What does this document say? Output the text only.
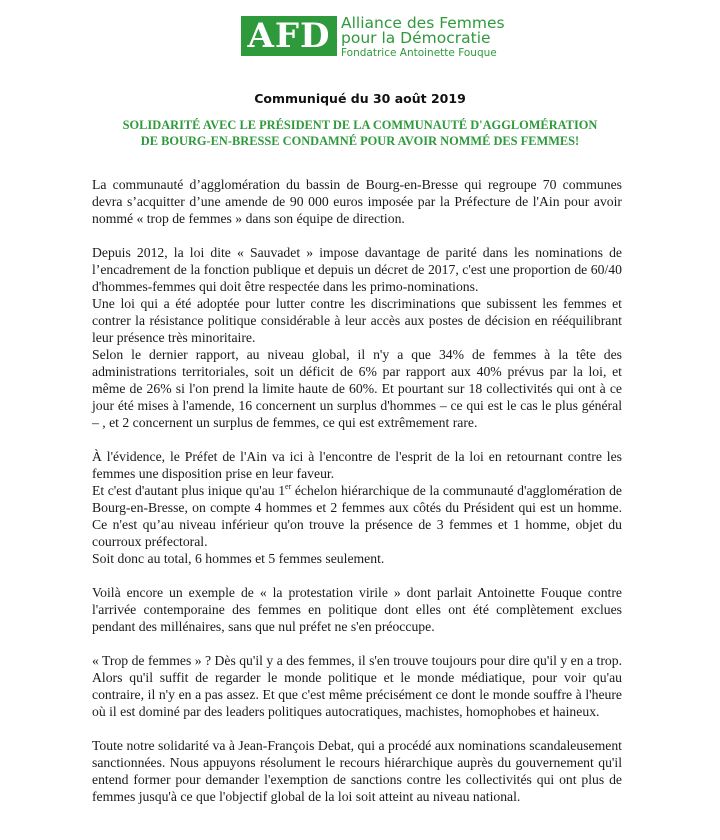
AFD Alliance des Femmes
pour la Démocratie
Fondatrice Antoinette Fouque
Communiqué du 30 août 2019
SOLIDARITÉ AVEC LE PRÉSIDENT DE LA COMMUNAUTÉ D'AGGLOMÉRATION
DE BOURG-EN-BRESSE CONDAMNÉ POUR AVOIR NOMMÉ DES FEMMES!

La communauté d’agglomération du bassin de Bourg-en-Bresse qui regroupe 70 communes devra s’acquitter d’une amende de 90 000 euros imposée par la Préfecture de l'Ain pour avoir nommé « trop de femmes » dans son équipe de direction.

Depuis 2012, la loi dite « Sauvadet » impose davantage de parité dans les nominations de l’encadrement de la fonction publique et depuis un décret de 2017, c'est une proportion de 60/40 d'hommes-femmes qui doit être respectée dans les primo-nominations.

Une loi qui a été adoptée pour lutter contre les discriminations que subissent les femmes et contrer la résistance politique considérable à leur accès aux postes de décision en rééquilibrant leur présence très minoritaire.

Selon le dernier rapport, au niveau global, il n'y a que 34% de femmes à la tête des administrations territoriales, soit un déficit de 6% par rapport aux 40% prévus par la loi, et même de 26% si l'on prend la limite haute de 60%. Et pourtant sur 18 collectivités qui ont à ce jour été mises à l'amende, 16 concernent un surplus d'hommes – ce qui est le cas le plus général – , et 2 concernent un surplus de femmes, ce qui est extrêmement rare.

À l'évidence, le Préfet de l'Ain va ici à l'encontre de l'esprit de la loi en retournant contre les femmes une disposition prise en leur faveur.

Et c'est d'autant plus inique qu'au 1er échelon hiérarchique de la communauté d'agglomération de Bourg-en-Bresse, on compte 4 hommes et 2 femmes aux côtés du Président qui est un homme. Ce n'est qu’au niveau inférieur qu'on trouve la présence de 3 femmes et 1 homme, objet du courroux préfectoral.

Soit donc au total, 6 hommes et 5 femmes seulement.

Voilà encore un exemple de « la protestation virile » dont parlait Antoinette Fouque contre l'arrivée contemporaine des femmes en politique dont elles ont été complètement exclues pendant des millénaires, sans que nul préfet ne s'en préoccupe.

« Trop de femmes » ? Dès qu'il y a des femmes, il s'en trouve toujours pour dire qu'il y en a trop. Alors qu'il suffit de regarder le monde politique et le monde médiatique, pour voir qu'au contraire, il n'y en a pas assez. Et que c'est même précisément ce dont le monde souffre à l'heure où il est dominé par des leaders politiques autocratiques, machistes, homophobes et haineux.

Toute notre solidarité va à Jean-François Debat, qui a procédé aux nominations scandaleusement sanctionnées. Nous appuyons résolument le recours hiérarchique auprès du gouvernement qu'il entend former pour demander l'exemption de sanctions contre les collectivités qui ont plus de femmes jusqu'à ce que l'objectif global de la loi soit atteint au niveau national.
